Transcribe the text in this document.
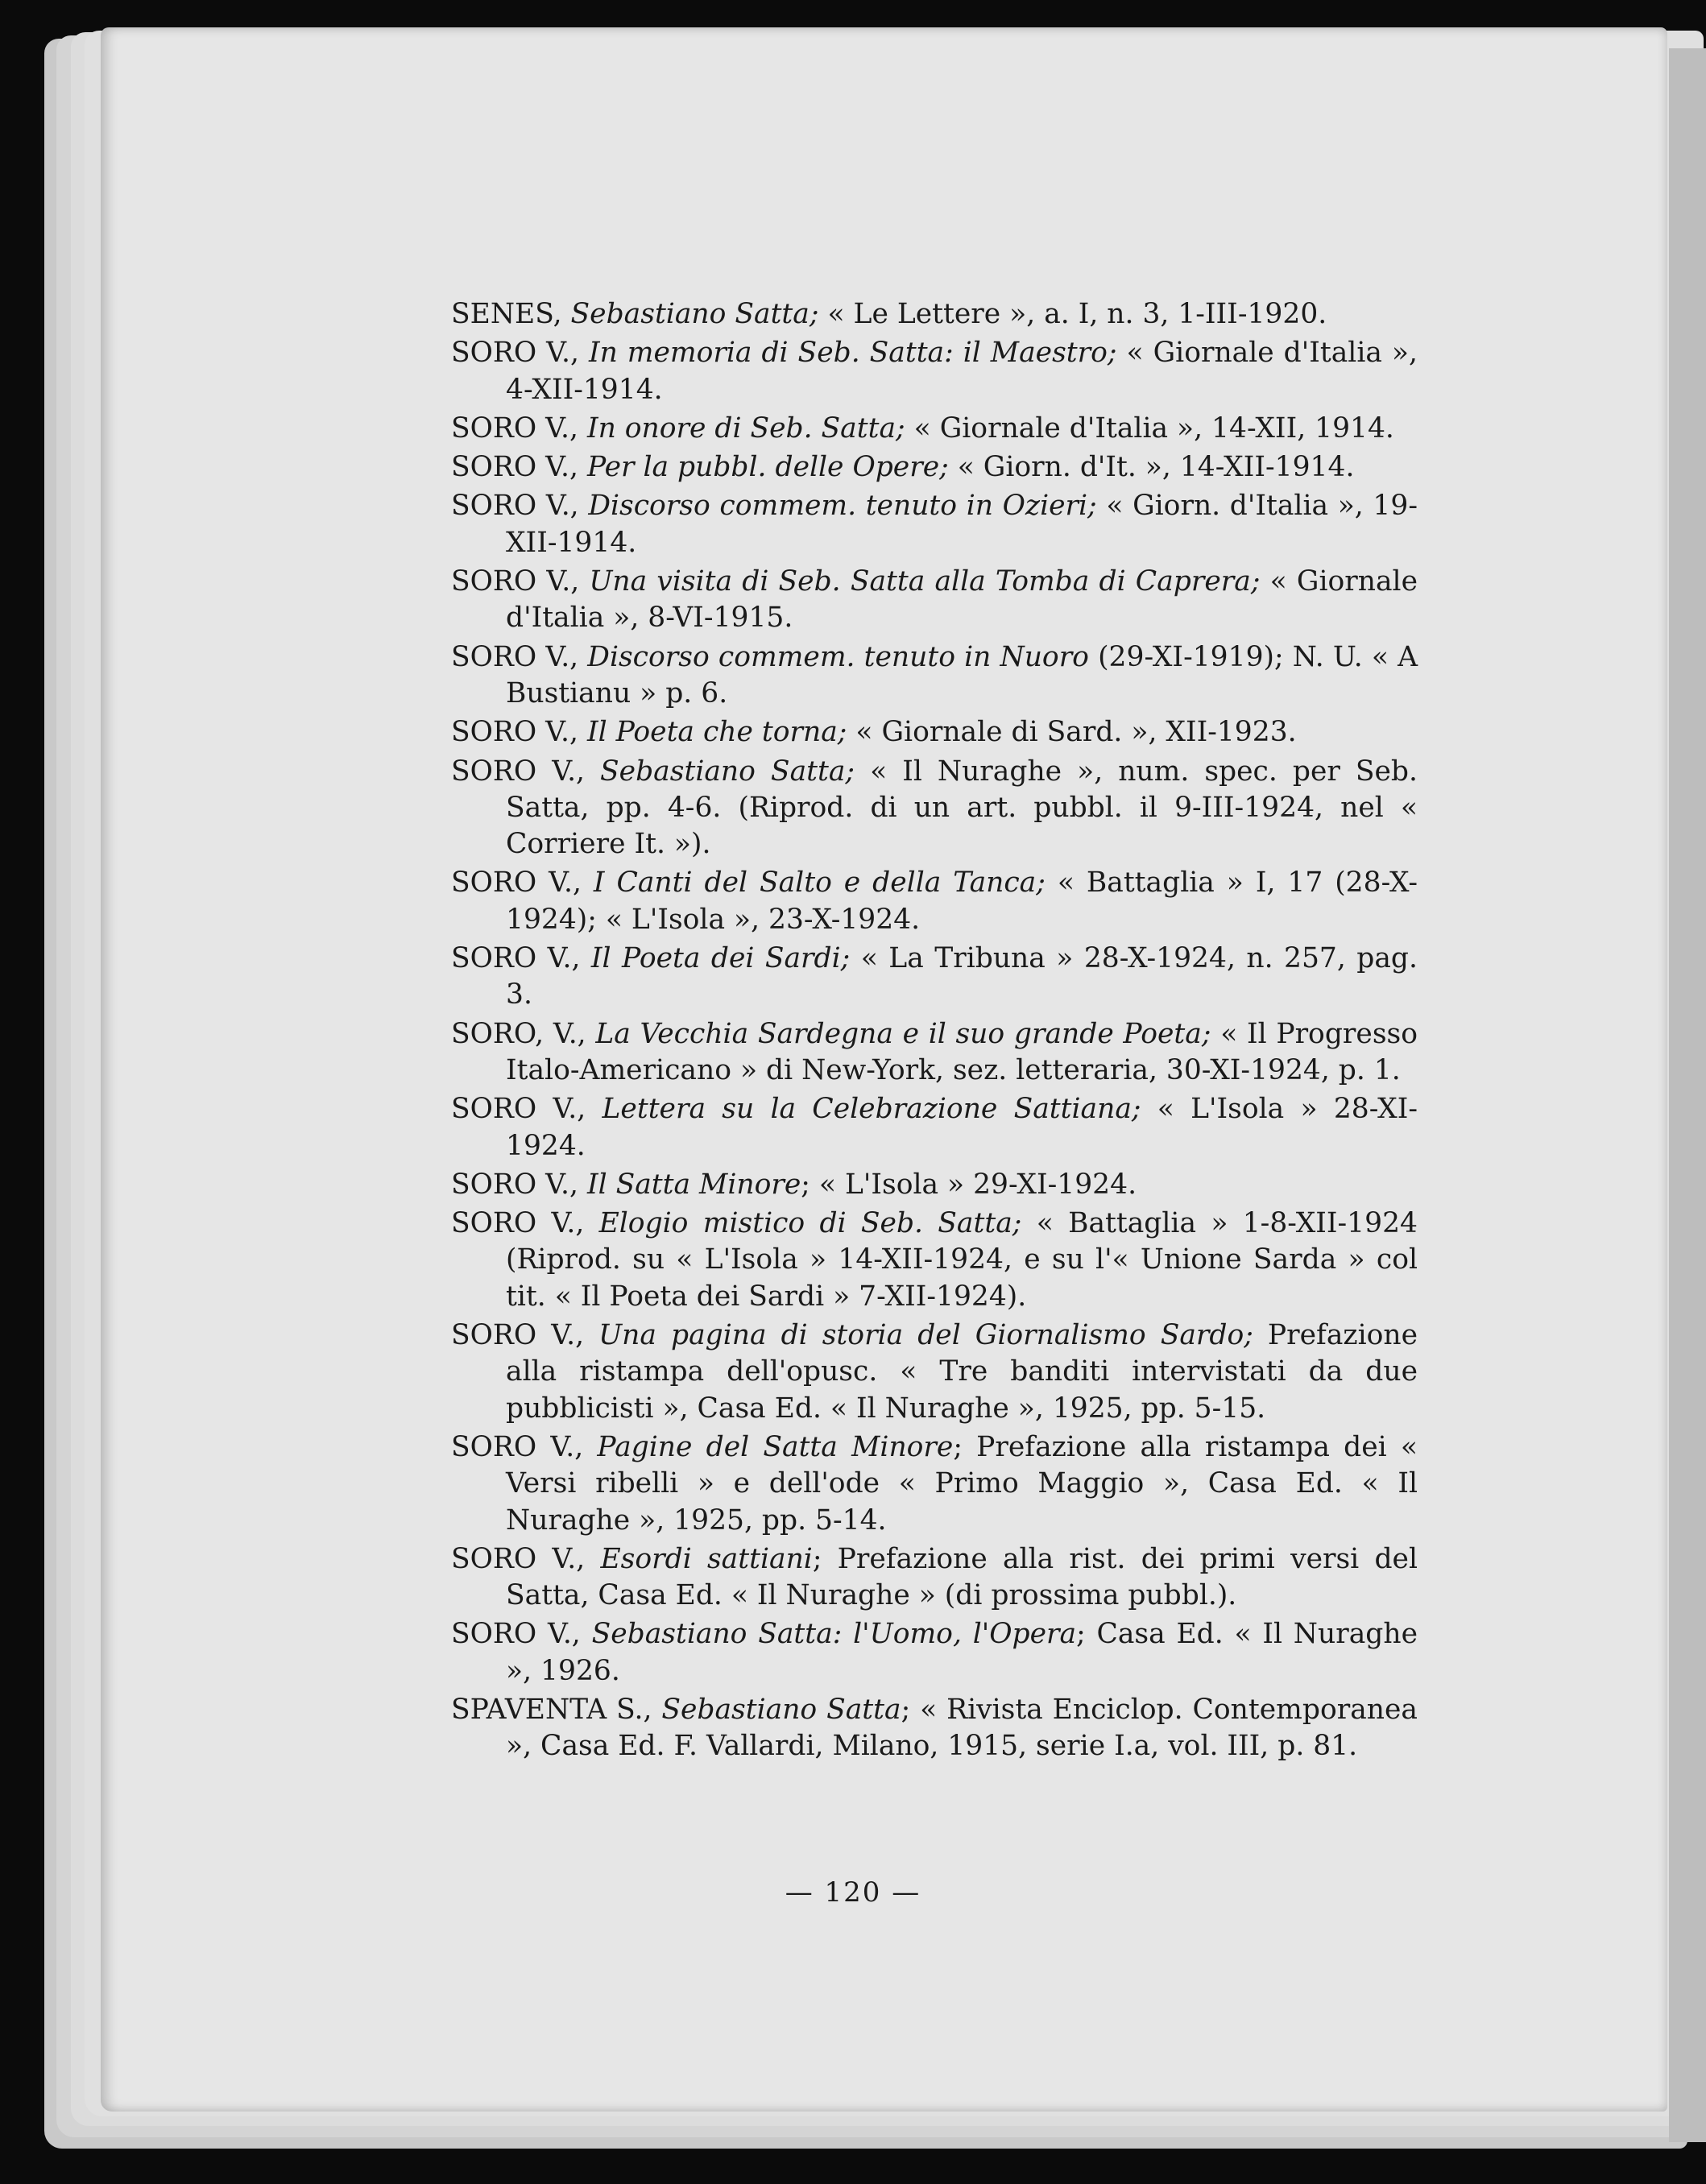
SENES, Sebastiano Satta; « Le Lettere », a. I, n. 3, 1-III-1920.

SORO V., In memoria di Seb. Satta: il Maestro; « Giornale d'Italia », 4-XII-1914.

SORO V., In onore di Seb. Satta; « Giornale d'Italia », 14-XII, 1914.

SORO V., Per la pubbl. delle Opere; « Giorn. d'It. », 14-XII-1914.

SORO V., Discorso commem. tenuto in Ozieri; « Giorn. d'Italia », 19-XII-1914.

SORO V., Una visita di Seb. Satta alla Tomba di Caprera; « Giornale d'Italia », 8-VI-1915.

SORO V., Discorso commem. tenuto in Nuoro (29-XI-1919); N. U. « A Bustianu » p. 6.

SORO V., Il Poeta che torna; « Giornale di Sard. », XII-1923.

SORO V., Sebastiano Satta; « Il Nuraghe », num. spec. per Seb. Satta, pp. 4-6. (Riprod. di un art. pubbl. il 9-III-1924, nel « Corriere It. »).

SORO V., I Canti del Salto e della Tanca; « Battaglia » I, 17 (28-X-1924); « L'Isola », 23-X-1924.

SORO V., Il Poeta dei Sardi; « La Tribuna » 28-X-1924, n. 257, pag. 3.

SORO, V., La Vecchia Sardegna e il suo grande Poeta; « Il Progresso Italo-Americano » di New-York, sez. letteraria, 30-XI-1924, p. 1.

SORO V., Lettera su la Celebrazione Sattiana; « L'Isola » 28-XI-1924.

SORO V., Il Satta Minore; « L'Isola » 29-XI-1924.

SORO V., Elogio mistico di Seb. Satta; « Battaglia » 1-8-XII-1924 (Riprod. su « L'Isola » 14-XII-1924, e su l'« Unione Sarda » col tit. « Il Poeta dei Sardi » 7-XII-1924).

SORO V., Una pagina di storia del Giornalismo Sardo; Prefazione alla ristampa dell'opusc. « Tre banditi intervistati da due pubblicisti », Casa Ed. « Il Nuraghe », 1925, pp. 5-15.

SORO V., Pagine del Satta Minore; Prefazione alla ristampa dei « Versi ribelli » e dell'ode « Primo Maggio », Casa Ed. « Il Nuraghe », 1925, pp. 5-14.

SORO V., Esordi sattiani; Prefazione alla rist. dei primi versi del Satta, Casa Ed. « Il Nuraghe » (di prossima pubbl.).

SORO V., Sebastiano Satta: l'Uomo, l'Opera; Casa Ed. « Il Nuraghe », 1926.

SPAVENTA S., Sebastiano Satta; « Rivista Enciclop. Contemporanea », Casa Ed. F. Vallardi, Milano, 1915, serie I.a, vol. III, p. 81.

— 120 —
